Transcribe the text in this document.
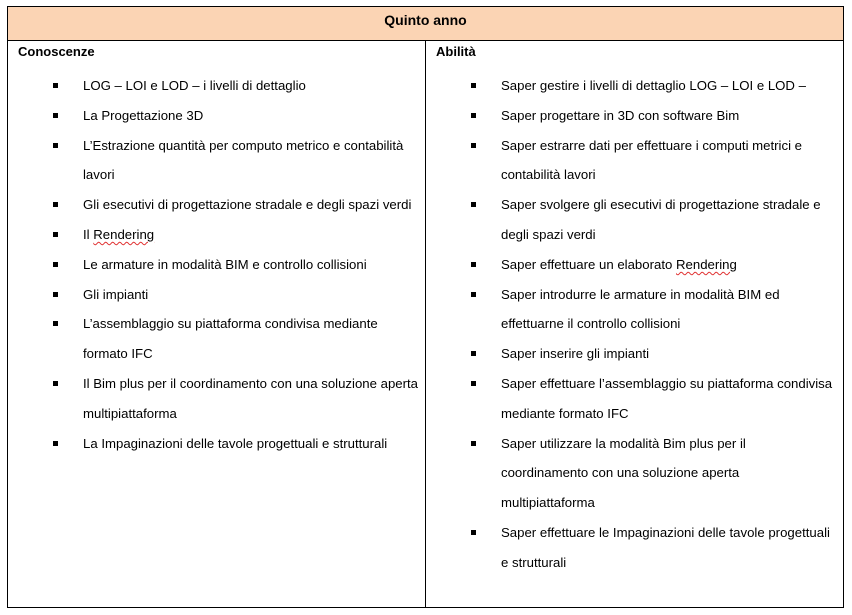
Quinto anno
Conoscenze
LOG – LOI e LOD – i livelli di dettaglio
La Progettazione 3D
L’Estrazione quantità per computo metrico e contabilità lavori
Gli esecutivi di progettazione stradale e degli spazi verdi
Il Rendering
Le armature in modalità BIM e controllo collisioni
Gli impianti
L’assemblaggio su piattaforma condivisa mediante formato IFC
Il Bim plus per il coordinamento con una soluzione aperta multipiattaforma
La Impaginazioni delle tavole progettuali e strutturali
Abilità
Saper gestire i livelli di dettaglio LOG – LOI e LOD –
Saper progettare in 3D con software Bim
Saper estrarre dati per effettuare i computi metrici e contabilità lavori
Saper svolgere gli esecutivi di progettazione stradale e degli spazi verdi
Saper effettuare un elaborato Rendering
Saper introdurre le armature in modalità BIM ed effettuarne il controllo collisioni
Saper inserire gli impianti
Saper effettuare l’assemblaggio su piattaforma condivisa mediante formato IFC
Saper utilizzare la modalità Bim plus per il coordinamento con una soluzione aperta multipiattaforma
Saper effettuare le Impaginazioni delle tavole progettuali e strutturali
